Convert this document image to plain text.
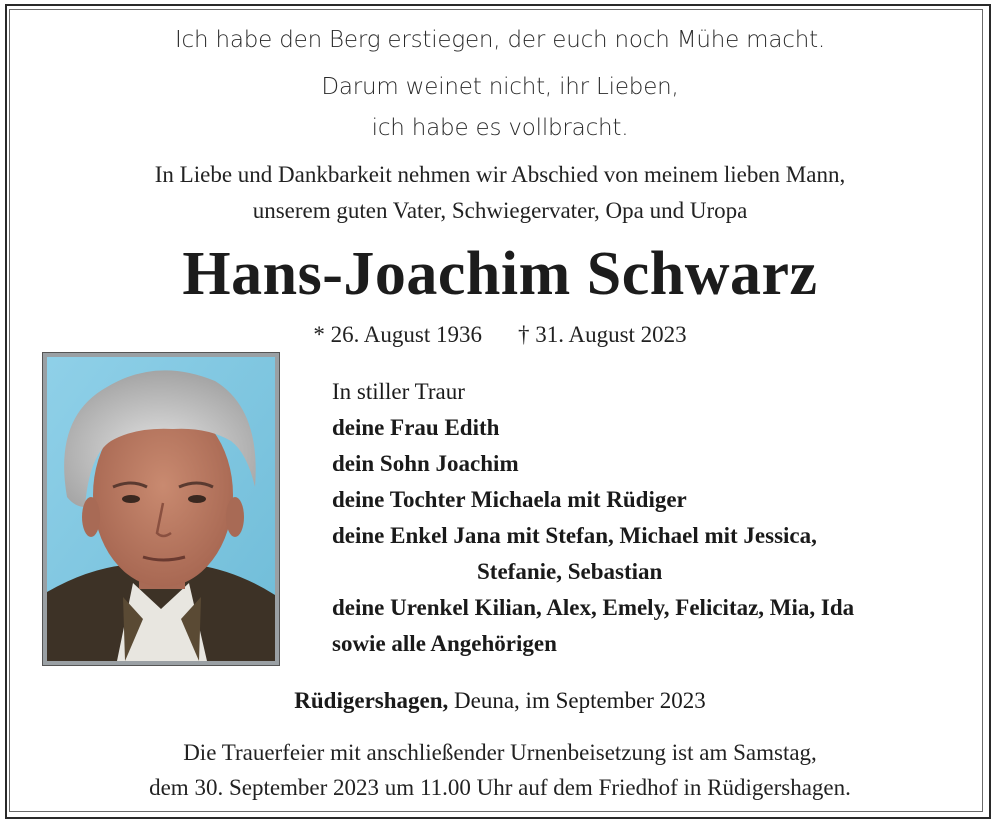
Ich habe den Berg erstiegen, der euch noch Mühe macht.
Darum weinet nicht, ihr Lieben,
ich habe es vollbracht.
In Liebe und Dankbarkeit nehmen wir Abschied von meinem lieben Mann,
unserem guten Vater, Schwiegervater, Opa und Uropa
Hans-Joachim Schwarz
* 26. August 1936 † 31. August 2023
In stiller Traur
deine Frau Edith
dein Sohn Joachim
deine Tochter Michaela mit Rüdiger
deine Enkel Jana mit Stefan, Michael mit Jessica,
Stefanie, Sebastian
deine Urenkel Kilian, Alex, Emely, Felicitaz, Mia, Ida
sowie alle Angehörigen
Rüdigershagen, Deuna, im September 2023
Die Trauerfeier mit anschließender Urnenbeisetzung ist am Samstag,
dem 30. September 2023 um 11.00 Uhr auf dem Friedhof in Rüdigershagen.
